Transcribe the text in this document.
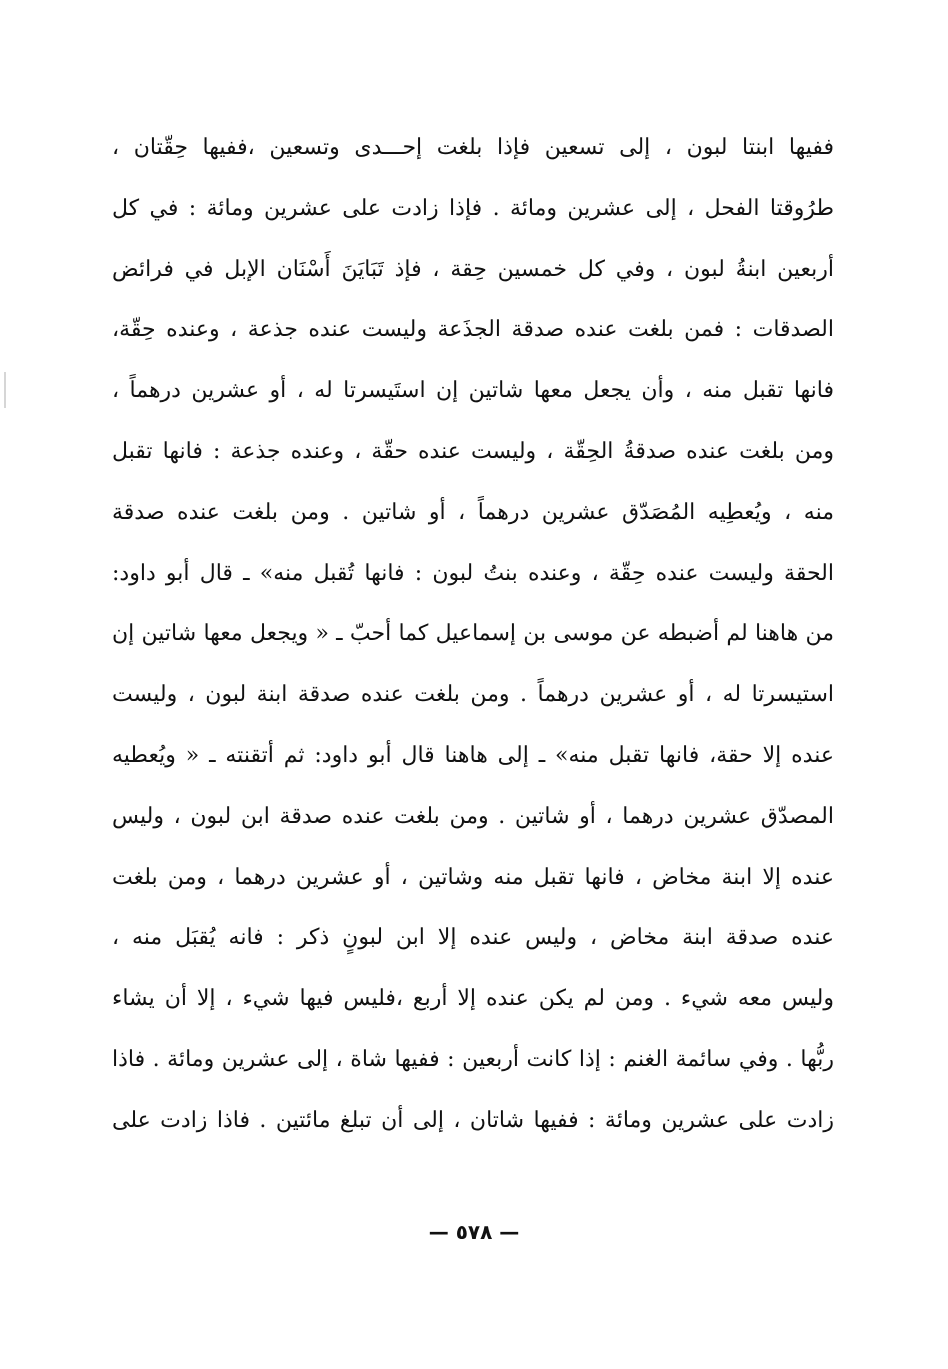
ففيها ابنتا لبون ، إلى تسعين فإذا بلغت إحـــدى وتسعين ،ففيها حِقّتان ،
طرُوقتا الفحل ، إلى عشرين ومائة . فإذا زادت على عشرين ومائة : في كل
أربعين ابنةُ لبون ، وفي كل خمسين حِقة ، فإذ تَبَايَنَ أَسْنَان الإبل في فرائض
الصدقات : فمن بلغت عنده صدقة الجذَعة وليست عنده جذعة ، وعنده حِقّة،
فانها تقبل منه ، وأن يجعل معها شاتين إن استَيسرتا له ، أو عشرين درهماً ،
ومن بلغت عنده صدقةُ الحِقّة ، وليست عنده حقّة ، وعنده جذعة : فانها تقبل
منه ، ويُعطِيه المُصَدّق عشرين درهماً ، أو شاتين . ومن بلغت عنده صدقة
الحقة وليست عنده حِقّة ، وعنده بنتُ لبون : فانها تُقبل منه» ـ قال أبو داود:
من هاهنا لم أضبطه عن موسى بن إسماعيل كما أحبّ ـ « ويجعل معها شاتين إن
استيسرتا له ، أو عشرين درهماً . ومن بلغت عنده صدقة ابنة لبون ، وليست
عنده إلا حقة، فانها تقبل منه» ـ إلى هاهنا قال أبو داود: ثم أتقنته ـ « ويُعطيه
المصدّق عشرين درهما ، أو شاتين . ومن بلغت عنده صدقة ابن لبون ، وليس
عنده إلا ابنة مخاض ، فانها تقبل منه وشاتين ، أو عشرين درهما ، ومن بلغت
عنده صدقة ابنة مخاض ، وليس عنده إلا ابن لبونٍ ذكر : فانه يُقبَل منه ،
وليس معه شيء . ومن لم يكن عنده إلا أربع ،فليس فيها شيء ، إلا أن يشاء
ربُّها . وفي سائمة الغنم : إذا كانت أربعين : ففيها شاة ، إلى عشرين ومائة . فاذا
زادت على عشرين ومائة : ففيها شاتان ، إلى أن تبلغ مائتين . فاذا زادت على
— ٥٧٨ —
